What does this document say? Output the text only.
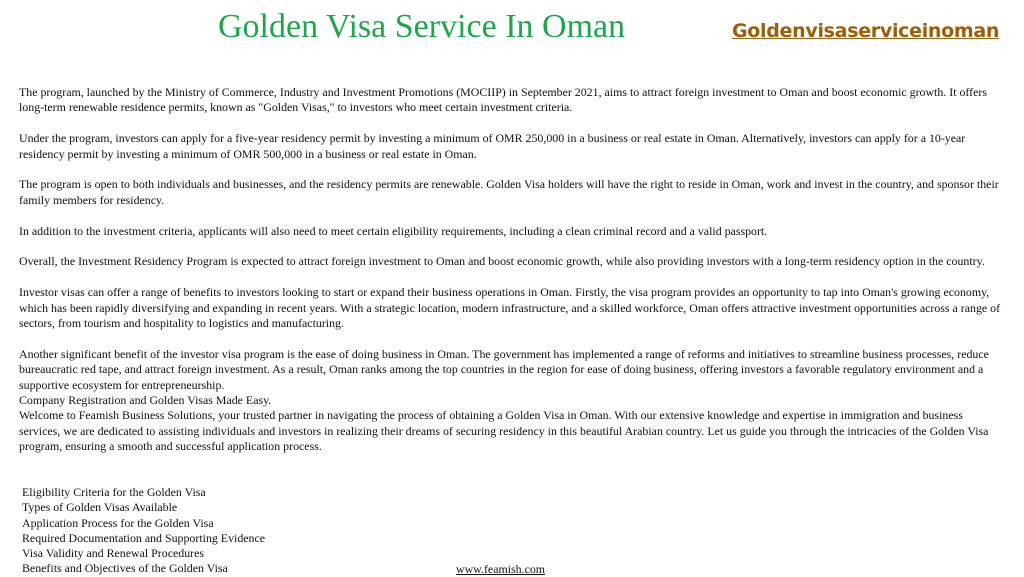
Golden Visa Service In Oman	Goldenvisaserviceinoman

The program, launched by the Ministry of Commerce, Industry and Investment Promotions (MOCIIP) in September 2021, aims to attract foreign investment to Oman and boost economic growth. It offers long-term renewable residence permits, known as "Golden Visas," to investors who meet certain investment criteria.

Under the program, investors can apply for a five-year residency permit by investing a minimum of OMR 250,000 in a business or real estate in Oman. Alternatively, investors can apply for a 10-year residency permit by investing a minimum of OMR 500,000 in a business or real estate in Oman.

The program is open to both individuals and businesses, and the residency permits are renewable. Golden Visa holders will have the right to reside in Oman, work and invest in the country, and sponsor their family members for residency.

In addition to the investment criteria, applicants will also need to meet certain eligibility requirements, including a clean criminal record and a valid passport.

Overall, the Investment Residency Program is expected to attract foreign investment to Oman and boost economic growth, while also providing investors with a long-term residency option in the country.

Investor visas can offer a range of benefits to investors looking to start or expand their business operations in Oman. Firstly, the visa program provides an opportunity to tap into Oman's growing economy, which has been rapidly diversifying and expanding in recent years. With a strategic location, modern infrastructure, and a skilled workforce, Oman offers attractive investment opportunities across a range of sectors, from tourism and hospitality to logistics and manufacturing.

Another significant benefit of the investor visa program is the ease of doing business in Oman. The government has implemented a range of reforms and initiatives to streamline business processes, reduce bureaucratic red tape, and attract foreign investment. As a result, Oman ranks among the top countries in the region for ease of doing business, offering investors a favorable regulatory environment and a supportive ecosystem for entrepreneurship.

Company Registration and Golden Visas Made Easy.

Welcome to Feamish Business Solutions, your trusted partner in navigating the process of obtaining a Golden Visa in Oman. With our extensive knowledge and expertise in immigration and business services, we are dedicated to assisting individuals and investors in realizing their dreams of securing residency in this beautiful Arabian country. Let us guide you through the intricacies of the Golden Visa program, ensuring a smooth and successful application process.

Eligibility Criteria for the Golden Visa
Types of Golden Visas Available
Application Process for the Golden Visa
Required Documentation and Supporting Evidence
Visa Validity and Renewal Procedures
Benefits and Objectives of the Golden Visa	www.feamish.com
